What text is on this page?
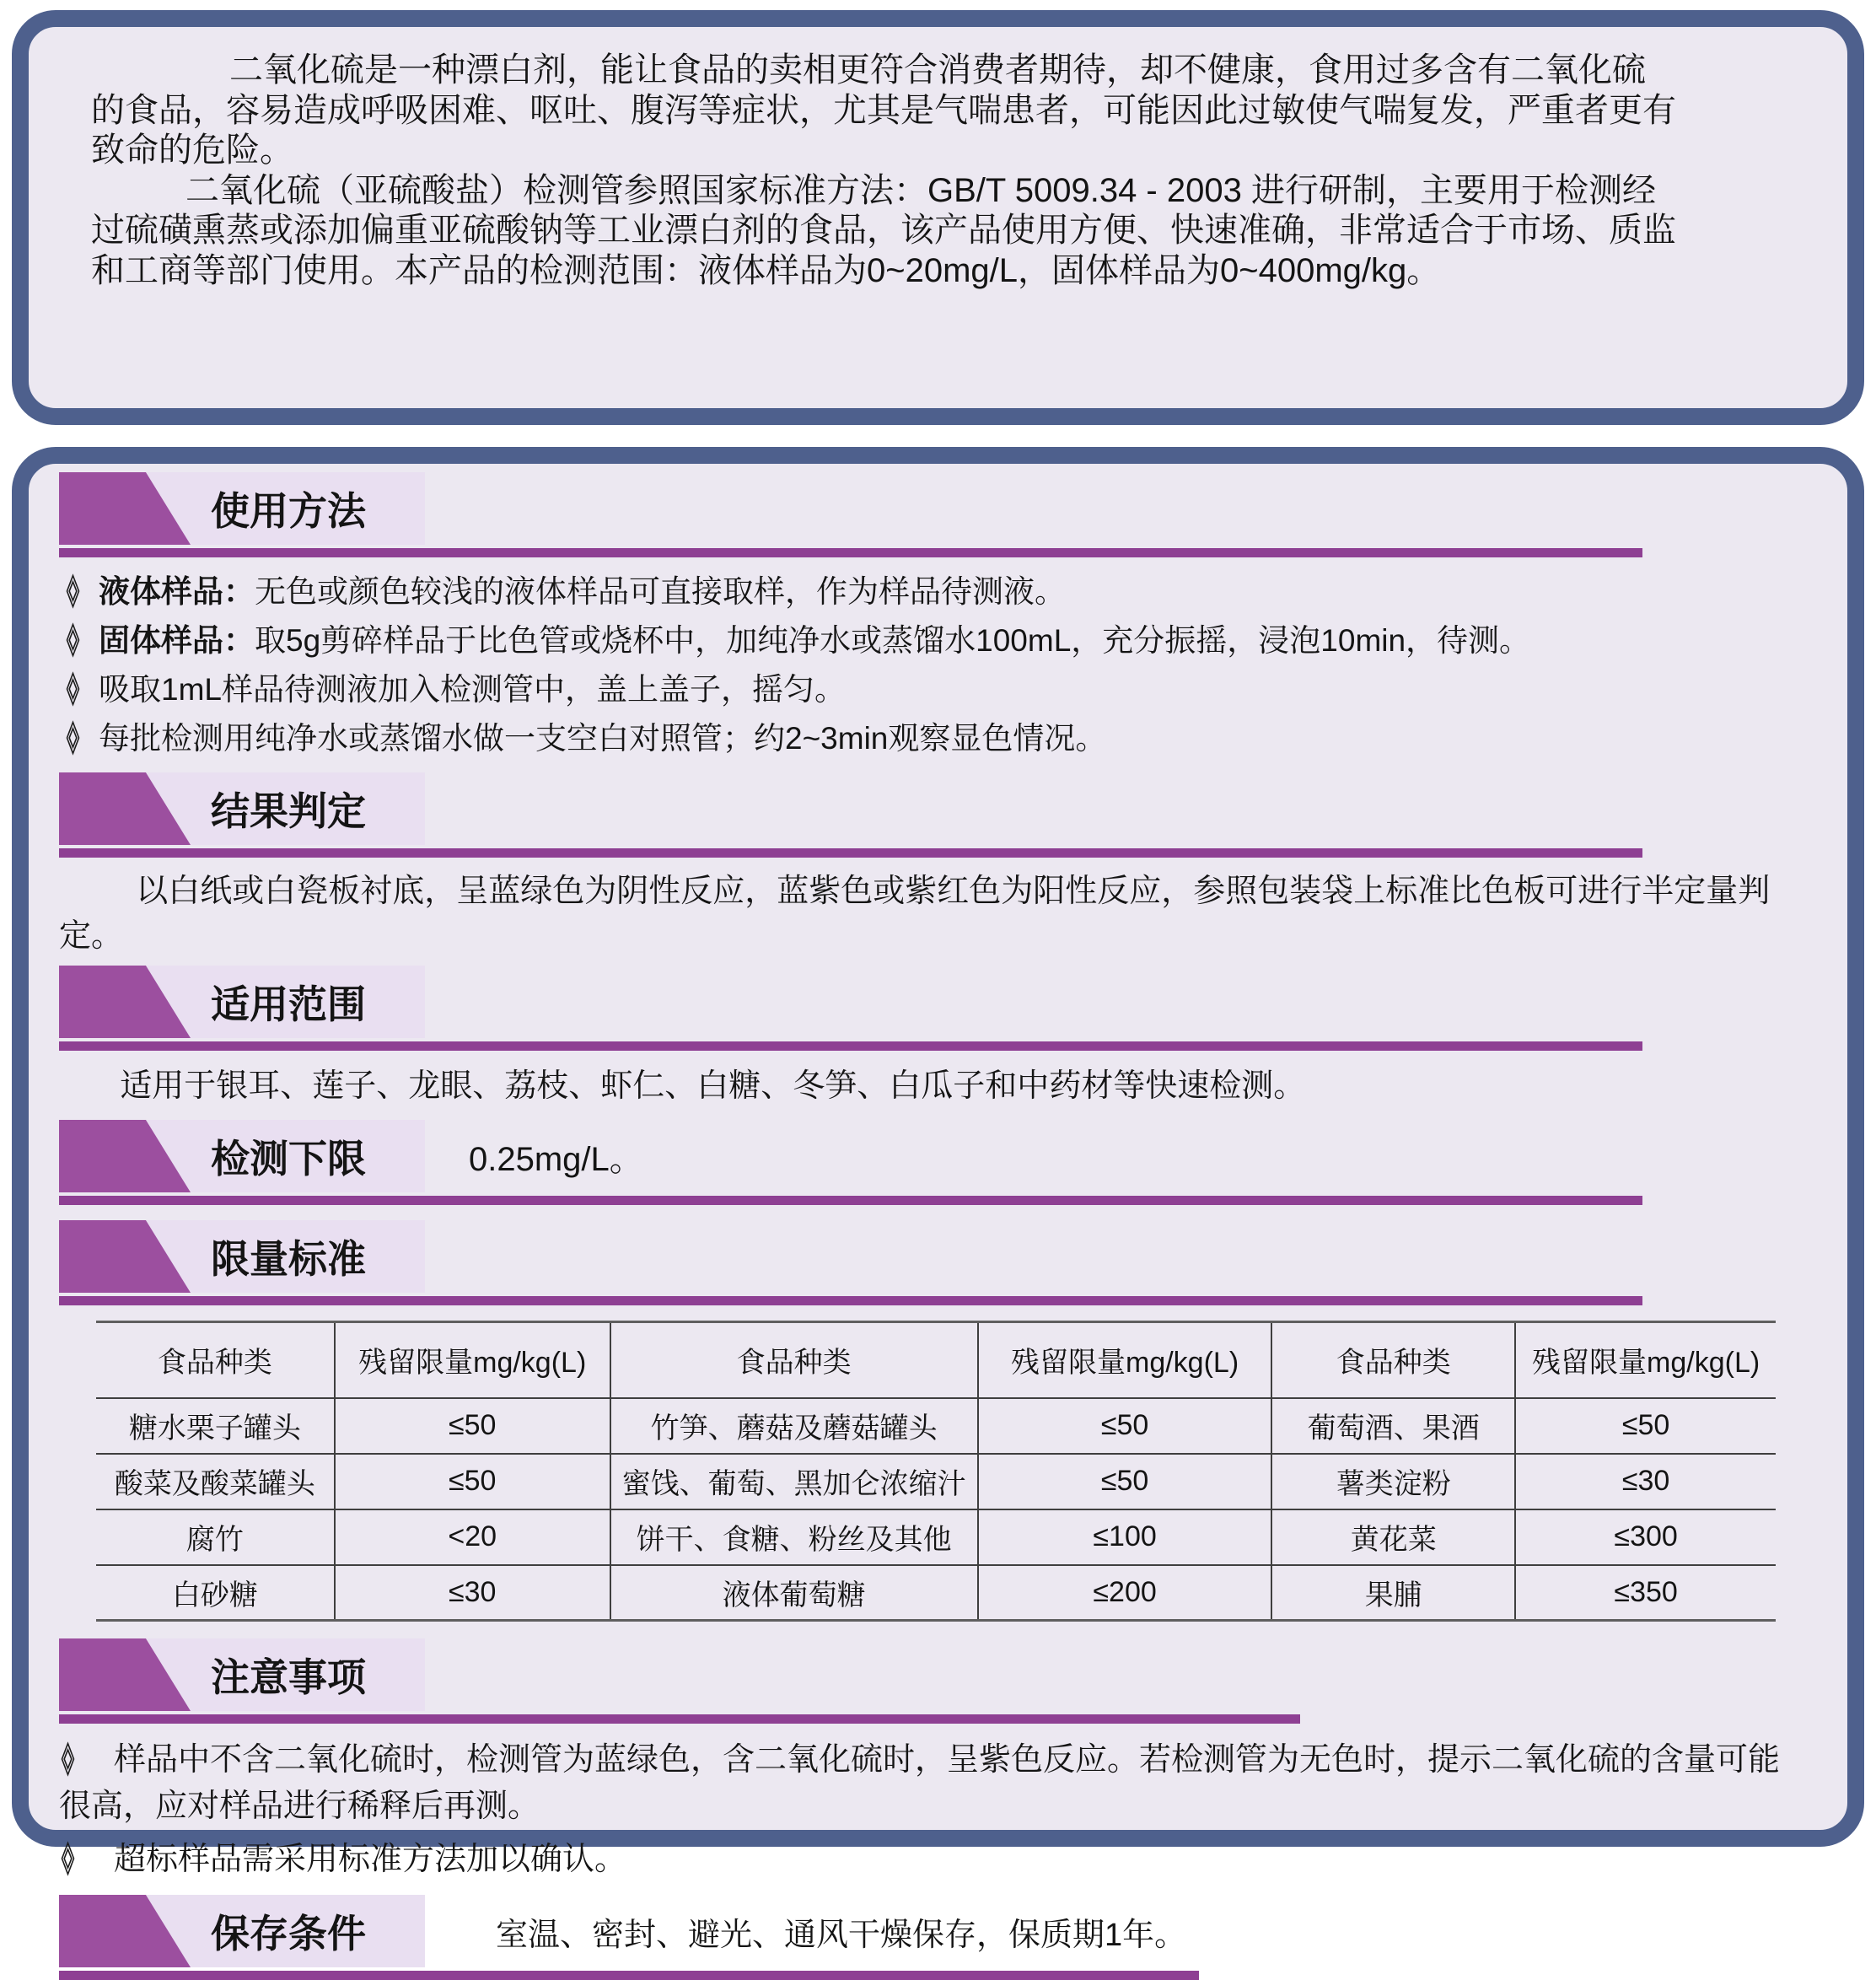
二氧化硫是一种漂白剂，能让食品的卖相更符合消费者期待，却不健康，食用过多含有二氧化硫的食品，容易造成呼吸困难、呕吐、腹泻等症状，尤其是气喘患者，可能因此过敏使气喘复发，严重者更有致命的危险。

二氧化硫（亚硫酸盐）检测管参照国家标准方法：GB/T 5009.34 - 2003 进行研制，主要用于检测经过硫磺熏蒸或添加偏重亚硫酸钠等工业漂白剂的食品，该产品使用方便、快速准确，非常适合于市场、质监和工商等部门使用。本产品的检测范围：液体样品为0~20mg/L，固体样品为0~400mg/kg。

使用方法

液体样品：无色或颜色较浅的液体样品可直接取样，作为样品待测液。

固体样品：取5g剪碎样品于比色管或烧杯中，加纯净水或蒸馏水100mL，充分振摇，浸泡10min，待测。

吸取1mL样品待测液加入检测管中，盖上盖子，摇匀。

每批检测用纯净水或蒸馏水做一支空白对照管；约2~3min观察显色情况。

结果判定

以白纸或白瓷板衬底，呈蓝绿色为阴性反应，蓝紫色或紫红色为阳性反应，参照包装袋上标准比色板可进行半定量判定。

适用范围

适用于银耳、莲子、龙眼、荔枝、虾仁、白糖、冬笋、白瓜子和中药材等快速检测。

检测下限	0.25mg/L。
限量标准
食品种类	残留限量mg/kg(L)	食品种类	残留限量mg/kg(L)	食品种类	残留限量mg/kg(L)
糖水栗子罐头	≤50	竹笋、蘑菇及蘑菇罐头	≤50	葡萄酒、果酒	≤50
酸菜及酸菜罐头	≤50	蜜饯、葡萄、黑加仑浓缩汁	≤50	薯类淀粉	≤30
腐竹	<20	饼干、食糖、粉丝及其他	≤100	黄花菜	≤300
白砂糖	≤30	液体葡萄糖	≤200	果脯	≤350
注意事项

样品中不含二氧化硫时，检测管为蓝绿色，含二氧化硫时，呈紫色反应。若检测管为无色时，提示二氧化硫的含量可能很高，应对样品进行稀释后再测。

超标样品需采用标准方法加以确认。

保存条件	室温、密封、避光、通风干燥保存，保质期1年。
